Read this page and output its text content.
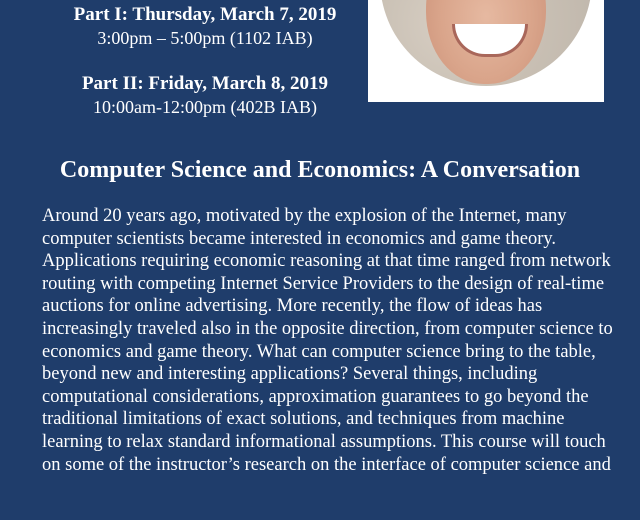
Part I: Thursday, March 7, 2019
3:00pm – 5:00pm (1102 IAB)
Part II: Friday, March 8, 2019
10:00am-12:00pm (402B IAB)
Computer Science and Economics: A Conversation

Around 20 years ago, motivated by the explosion of the Internet, many computer scientists became interested in economics and game theory. Applications requiring economic reasoning at that time ranged from network routing with competing Internet Service Providers to the design of real-time auctions for online advertising. More recently, the flow of ideas has increasingly traveled also in the opposite direction, from computer science to economics and game theory. What can computer science bring to the table, beyond new and interesting applications? Several things, including computational considerations, approximation guarantees to go beyond the traditional limitations of exact solutions, and techniques from machine learning to relax standard informational assumptions. This course will touch on some of the instructor’s research on the interface of computer science and
